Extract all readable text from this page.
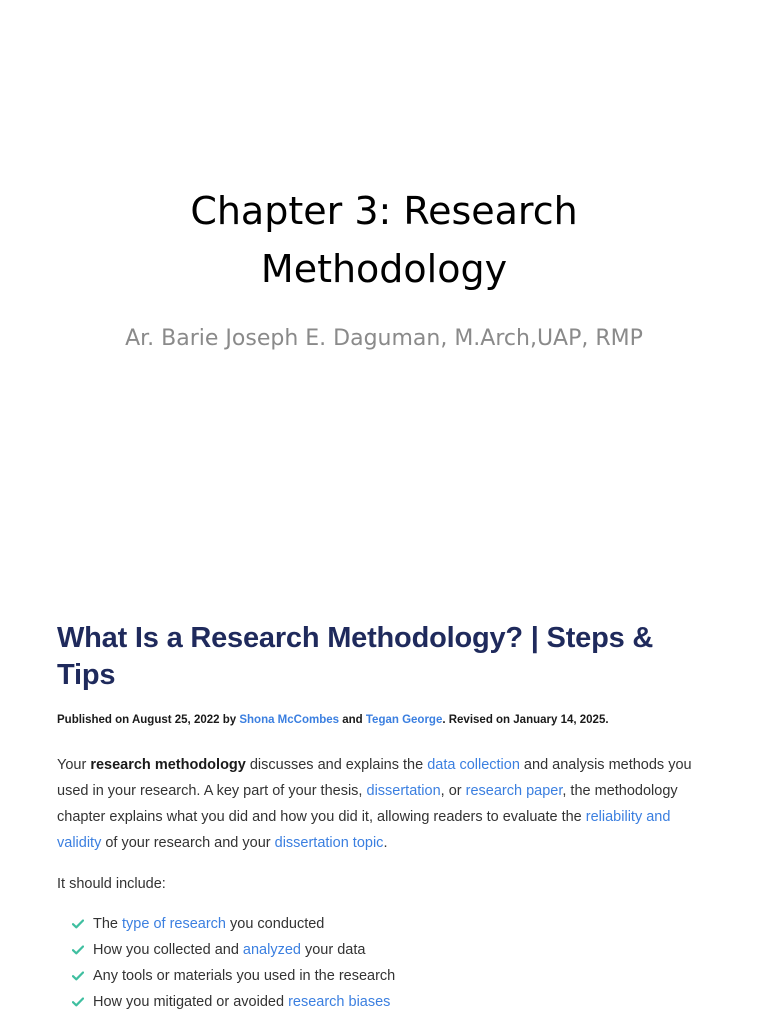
Chapter 3: Research
Methodology
Ar. Barie Joseph E. Daguman, M.Arch,UAP, RMP
What Is a Research Methodology? | Steps & Tips
Published on August 25, 2022 by Shona McCombes and Tegan George. Revised on January 14, 2025.
Your research methodology discusses and explains the data collection and analysis methods you used in your research. A key part of your thesis, dissertation, or research paper, the methodology chapter explains what you did and how you did it, allowing readers to evaluate the reliability and validity of your research and your dissertation topic.
It should include:
The type of research you conducted
How you collected and analyzed your data
Any tools or materials you used in the research
How you mitigated or avoided research biases
